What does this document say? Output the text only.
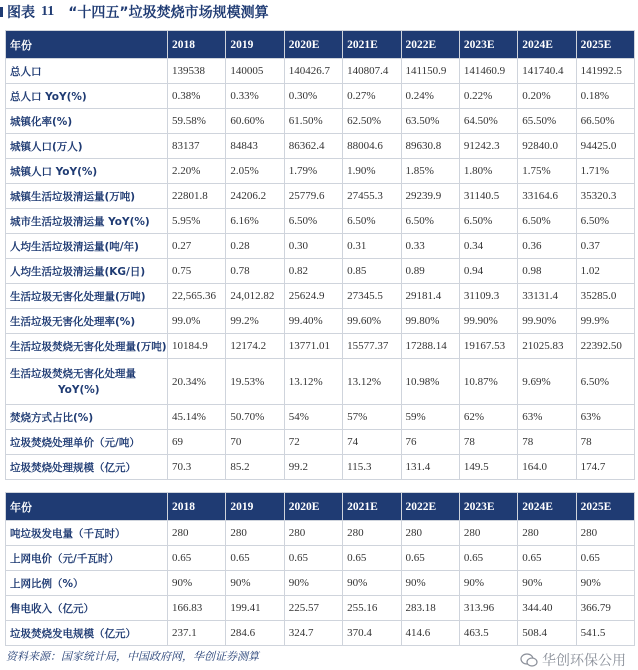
图表 11 “十四五”垃圾焚烧市场规模测算
年份	2018	2019	2020E	2021E	2022E	2023E	2024E	2025E
总人口	139538	140005	140426.7	140807.4	141150.9	141460.9	141740.4	141992.5
总人口 YoY(%)	0.38%	0.33%	0.30%	0.27%	0.24%	0.22%	0.20%	0.18%
城镇化率(%)	59.58%	60.60%	61.50%	62.50%	63.50%	64.50%	65.50%	66.50%
城镇人口(万人)	83137	84843	86362.4	88004.6	89630.8	91242.3	92840.0	94425.0
城镇人口 YoY(%)	2.20%	2.05%	1.79%	1.90%	1.85%	1.80%	1.75%	1.71%
城镇生活垃圾清运量(万吨)	22801.8	24206.2	25779.6	27455.3	29239.9	31140.5	33164.6	35320.3
城市生活垃圾清运量 YoY(%)	5.95%	6.16%	6.50%	6.50%	6.50%	6.50%	6.50%	6.50%
人均生活垃圾清运量(吨/年)	0.27	0.28	0.30	0.31	0.33	0.34	0.36	0.37
人均生活垃圾清运量(KG/日)	0.75	0.78	0.82	0.85	0.89	0.94	0.98	1.02
生活垃圾无害化处理量(万吨)	22,565.36	24,012.82	25624.9	27345.5	29181.4	31109.3	33131.4	35285.0
生活垃圾无害化处理率(%)	99.0%	99.2%	99.40%	99.60%	99.80%	99.90%	99.90%	99.9%
生活垃圾焚烧无害化处理量(万吨)	10184.9	12174.2	13771.01	15577.37	17288.14	19167.53	21025.83	22392.50
生活垃圾焚烧无害化处理量
YoY(%)	20.34%	19.53%	13.12%	13.12%	10.98%	10.87%	9.69%	6.50%
焚烧方式占比(%)	45.14%	50.70%	54%	57%	59%	62%	63%	63%
垃圾焚烧处理单价（元/吨）	69	70	72	74	76	78	78	78
垃圾焚烧处理规模（亿元）	70.3	85.2	99.2	115.3	131.4	149.5	164.0	174.7
年份	2018	2019	2020E	2021E	2022E	2023E	2024E	2025E
吨垃圾发电量（千瓦时）	280	280	280	280	280	280	280	280
上网电价（元/千瓦时）	0.65	0.65	0.65	0.65	0.65	0.65	0.65	0.65
上网比例（%）	90%	90%	90%	90%	90%	90%	90%	90%
售电收入（亿元）	166.83	199.41	225.57	255.16	283.18	313.96	344.40	366.79
垃圾焚烧发电规模（亿元）	237.1	284.6	324.7	370.4	414.6	463.5	508.4	541.5
资料来源：国家统计局，中国政府网，华创证券测算	华创环保公用
